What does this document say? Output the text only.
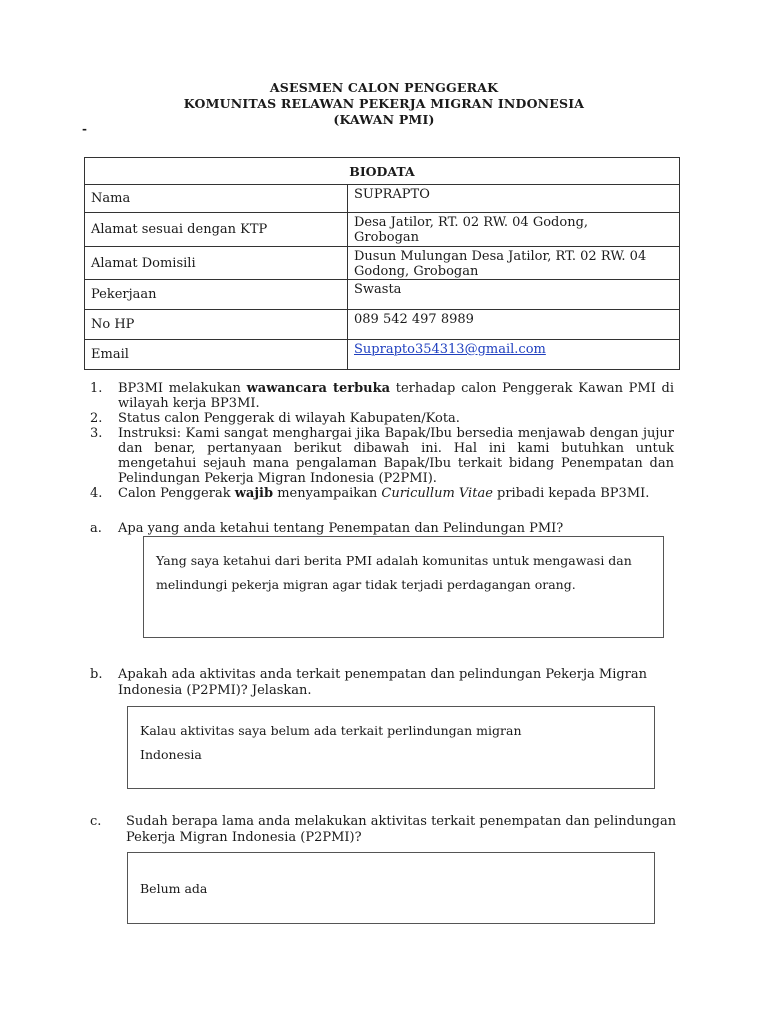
ASESMEN CALON PENGGERAK
KOMUNITAS RELAWAN PEKERJA MIGRAN INDONESIA
(KAWAN PMI)
-
BIODATA	
Nama	SUPRAPTO
Alamat sesuai dengan KTP	Desa Jatilor, RT. 02 RW. 04 Godong, Grobogan
Alamat Domisili	Dusun Mulungan Desa Jatilor, RT. 02 RW. 04 Godong, Grobogan
Pekerjaan	Swasta
No HP	089 542 497 8989
Email	Suprapto354313@gmail.com
1.	BP3MI melakukan wawancara terbuka terhadap calon Penggerak Kawan PMI di wilayah kerja BP3MI.
2.	Status calon Penggerak di wilayah Kabupaten/Kota.
3.	Instruksi: Kami sangat menghargai jika Bapak/Ibu bersedia menjawab dengan jujur dan benar, pertanyaan berikut dibawah ini. Hal ini kami butuhkan untuk mengetahui sejauh mana pengalaman Bapak/Ibu terkait bidang Penempatan dan Pelindungan Pekerja Migran Indonesia (P2PMI).
4.	Calon Penggerak wajib menyampaikan Curicullum Vitae pribadi kepada BP3MI.
a.	Apa yang anda ketahui tentang Penempatan dan Pelindungan PMI?
Yang saya ketahui dari berita PMI adalah komunitas untuk mengawasi dan melindungi pekerja migran agar tidak terjadi perdagangan orang.
b.	Apakah ada aktivitas anda terkait penempatan dan pelindungan Pekerja Migran Indonesia (P2PMI)? Jelaskan.
Kalau aktivitas saya belum ada terkait perlindungan migran Indonesia
c.	Sudah berapa lama anda melakukan aktivitas terkait penempatan dan pelindungan Pekerja Migran Indonesia (P2PMI)?
Belum ada
